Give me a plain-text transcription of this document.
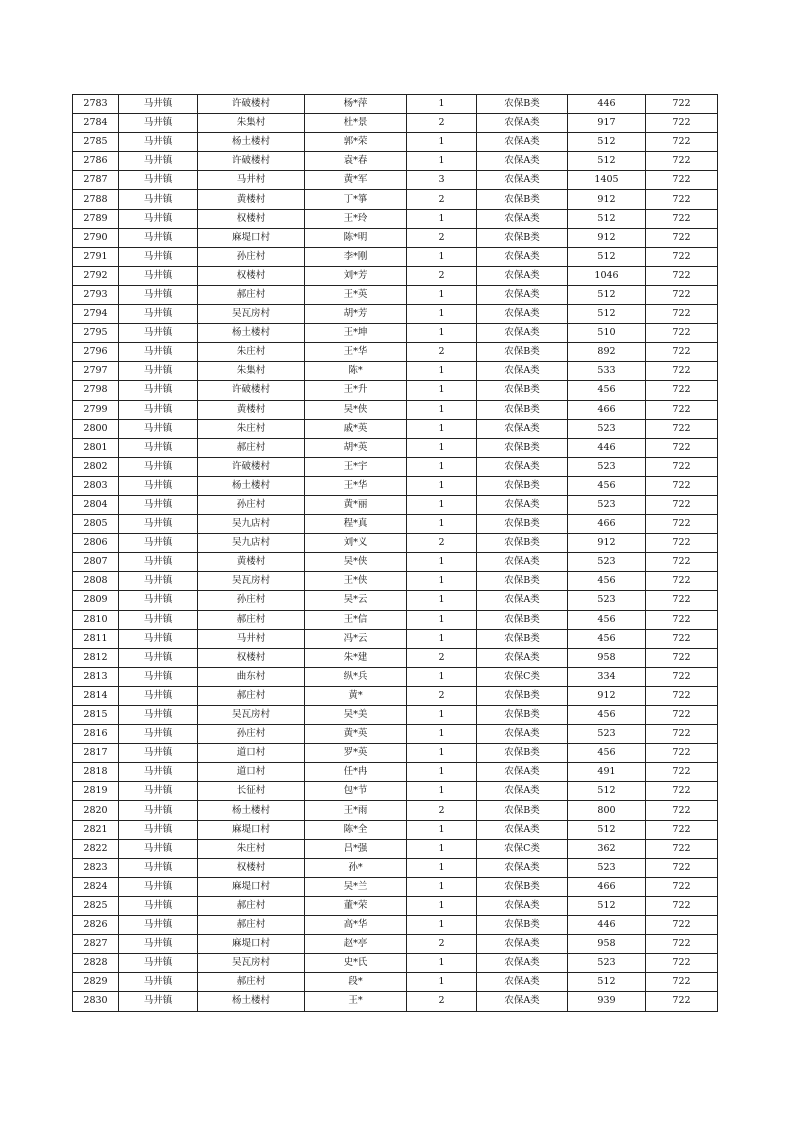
2783	马井镇	许破楼村	杨*萍	1	农保B类	446	722
2784	马井镇	朱集村	杜*景	2	农保A类	917	722
2785	马井镇	杨土楼村	郭*荣	1	农保A类	512	722
2786	马井镇	许破楼村	袁*春	1	农保A类	512	722
2787	马井镇	马井村	黄*军	3	农保A类	1405	722
2788	马井镇	黄楼村	丁*箏	2	农保B类	912	722
2789	马井镇	权楼村	王*玲	1	农保A类	512	722
2790	马井镇	麻堤口村	陈*明	2	农保B类	912	722
2791	马井镇	孙庄村	李*刚	1	农保A类	512	722
2792	马井镇	权楼村	刘*芳	2	农保A类	1046	722
2793	马井镇	郝庄村	王*英	1	农保A类	512	722
2794	马井镇	吴瓦房村	胡*芳	1	农保A类	512	722
2795	马井镇	杨土楼村	王*坤	1	农保A类	510	722
2796	马井镇	朱庄村	王*华	2	农保B类	892	722
2797	马井镇	朱集村	陈*	1	农保A类	533	722
2798	马井镇	许破楼村	王*升	1	农保B类	456	722
2799	马井镇	黄楼村	吴*侠	1	农保B类	466	722
2800	马井镇	朱庄村	戚*英	1	农保A类	523	722
2801	马井镇	郝庄村	胡*英	1	农保B类	446	722
2802	马井镇	许破楼村	王*宇	1	农保A类	523	722
2803	马井镇	杨土楼村	王*华	1	农保B类	456	722
2804	马井镇	孙庄村	黄*丽	1	农保A类	523	722
2805	马井镇	吴九店村	程*真	1	农保B类	466	722
2806	马井镇	吴九店村	刘*义	2	农保B类	912	722
2807	马井镇	黄楼村	吴*侠	1	农保A类	523	722
2808	马井镇	吴瓦房村	王*侠	1	农保B类	456	722
2809	马井镇	孙庄村	吴*云	1	农保A类	523	722
2810	马井镇	郝庄村	王*信	1	农保B类	456	722
2811	马井镇	马井村	冯*云	1	农保B类	456	722
2812	马井镇	权楼村	朱*建	2	农保A类	958	722
2813	马井镇	曲东村	纵*兵	1	农保C类	334	722
2814	马井镇	郝庄村	黄*	2	农保B类	912	722
2815	马井镇	吴瓦房村	吴*美	1	农保B类	456	722
2816	马井镇	孙庄村	黄*英	1	农保A类	523	722
2817	马井镇	道口村	罗*英	1	农保B类	456	722
2818	马井镇	道口村	任*冉	1	农保A类	491	722
2819	马井镇	长征村	包*节	1	农保A类	512	722
2820	马井镇	杨土楼村	王*雨	2	农保B类	800	722
2821	马井镇	麻堤口村	陈*全	1	农保A类	512	722
2822	马井镇	朱庄村	吕*强	1	农保C类	362	722
2823	马井镇	权楼村	孙*	1	农保A类	523	722
2824	马井镇	麻堤口村	吴*兰	1	农保B类	466	722
2825	马井镇	郝庄村	董*荣	1	农保A类	512	722
2826	马井镇	郝庄村	高*华	1	农保B类	446	722
2827	马井镇	麻堤口村	赵*亭	2	农保A类	958	722
2828	马井镇	吴瓦房村	史*氏	1	农保A类	523	722
2829	马井镇	郝庄村	段*	1	农保A类	512	722
2830	马井镇	杨土楼村	王*	2	农保A类	939	722
